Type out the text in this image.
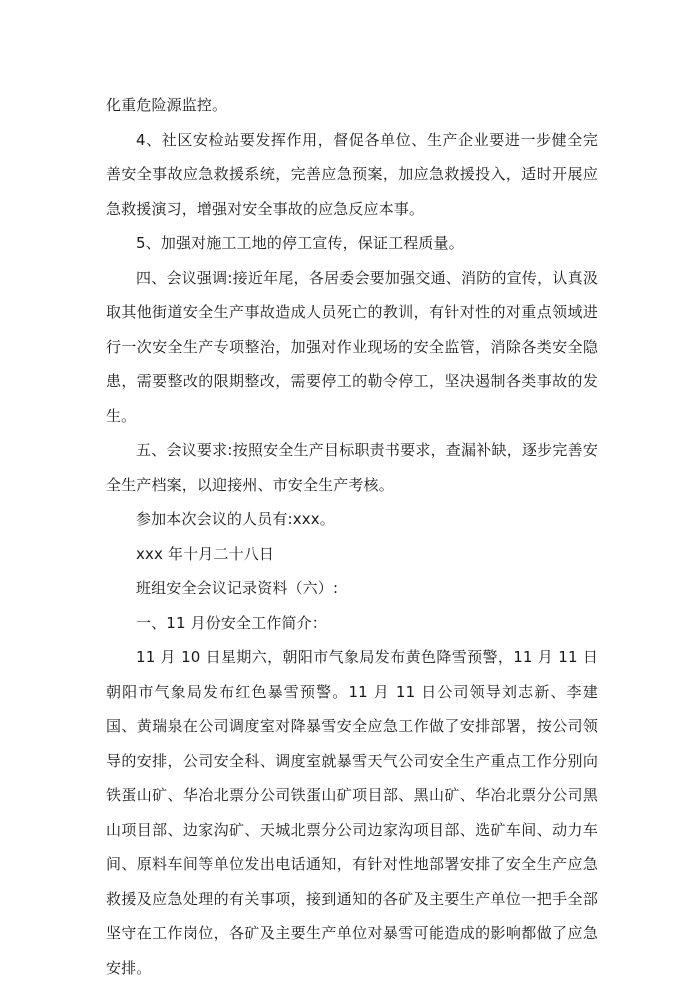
化重危险源监控。

4、社区安检站要发挥作用，督促各单位、生产企业要进一步健全完善安全事故应急救援系统，完善应急预案，加应急救援投入，适时开展应急救援演习，增强对安全事故的应急反应本事。

5、加强对施工工地的停工宣传，保证工程质量。

四、会议强调:接近年尾，各居委会要加强交通、消防的宣传，认真汲取其他街道安全生产事故造成人员死亡的教训，有针对性的对重点领域进行一次安全生产专项整治，加强对作业现场的安全监管，消除各类安全隐患，需要整改的限期整改，需要停工的勒令停工，坚决遏制各类事故的发生。

五、会议要求:按照安全生产目标职责书要求，查漏补缺，逐步完善安全生产档案，以迎接州、市安全生产考核。

参加本次会议的人员有:xxx。

xxx 年十月二十八日

班组安全会议记录资料（六）:

一、11 月份安全工作简介：

11 月 10 日星期六，朝阳市气象局发布黄色降雪预警，11 月 11 日朝阳市气象局发布红色暴雪预警。11 月 11 日公司领导刘志新、李建国、黄瑞泉在公司调度室对降暴雪安全应急工作做了安排部署，按公司领导的安排，公司安全科、调度室就暴雪天气公司安全生产重点工作分别向铁蛋山矿、华冶北票分公司铁蛋山矿项目部、黑山矿、华冶北票分公司黑山项目部、边家沟矿、天城北票分公司边家沟项目部、选矿车间、动力车间、原料车间等单位发出电话通知，有针对性地部署安排了安全生产应急救援及应急处理的有关事项，接到通知的各矿及主要生产单位一把手全部坚守在工作岗位，各矿及主要生产单位对暴雪可能造成的影响都做了应急安排。
